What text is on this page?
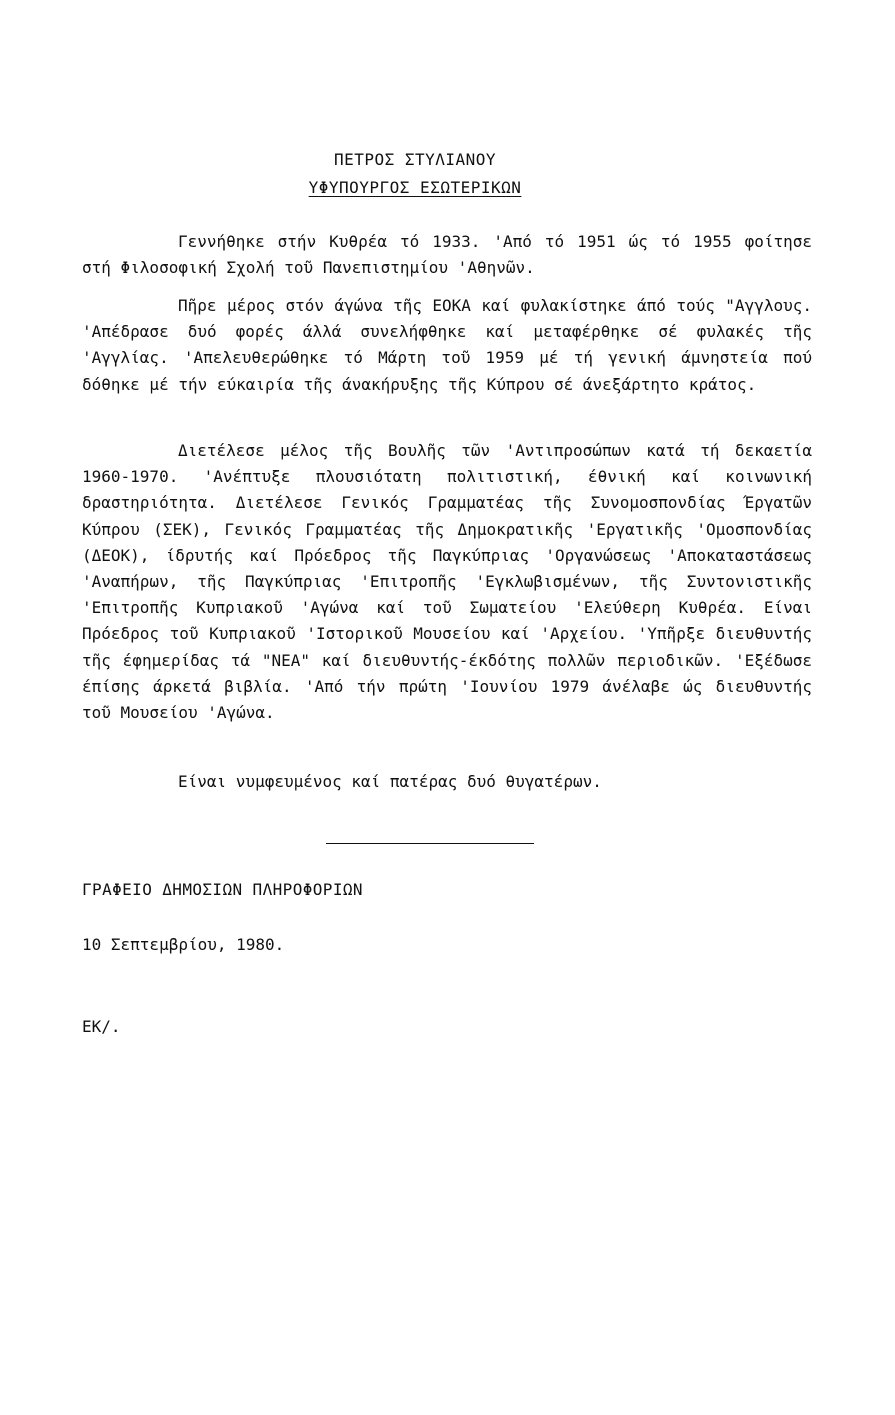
ΠΕΤΡΟΣ ΣΤΥΛΙΑΝΟΥ
ΥΦΥΠΟΥΡΓΟΣ ΕΣΩΤΕΡΙΚΩΝ

Γεννήθηκε στήν Κυθρέα τό 1933. 'Από τό 1951 ώς τό 1955 φοίτησε στή Φιλοσοφική Σχολή τοῦ Πανεπιστημίου 'Αθηνῶν.

Πῆρε μέρος στόν άγώνα τῆς ΕΟΚΑ καί φυλακίστηκε άπό τούς "Αγγλους. 'Απέδρασε δυό φορές άλλά συνελήφθηκε καί μεταφέρθηκε σέ φυλακές τῆς 'Αγγλίας. 'Απελευθερώθηκε τό Μάρτη τοῦ 1959 μέ τή γενική άμνηστεία πού δόθηκε μέ τήν εύκαιρία τῆς άνακήρυξης τῆς Κύπρου σέ άνεξάρτητο κράτος.

Διετέλεσε μέλος τῆς Βουλῆς τῶν 'Αντιπροσώπων κατά τή δεκαετία 1960-1970. 'Ανέπτυξε πλουσιότατη πολιτιστική, έθνική καί κοινωνική δραστηριότητα. Διετέλεσε Γενικός Γραμματέας τῆς Συνομοσπονδίας Έργατῶν Κύπρου (ΣΕΚ), Γενικός Γραμματέας τῆς Δημοκρατικῆς 'Εργατικῆς 'Ομοσπονδίας (ΔΕΟΚ), ίδρυτής καί Πρόεδρος τῆς Παγκύπριας 'Οργανώσεως 'Αποκαταστάσεως 'Αναπήρων, τῆς Παγκύπριας 'Επιτροπῆς 'Εγκλωβισμένων, τῆς Συντονιστικῆς 'Επιτροπῆς Κυπριακοῦ 'Αγώνα καί τοῦ Σωματείου 'Ελεύθερη Κυθρέα. Είναι Πρόεδρος τοῦ Κυπριακοῦ 'Ιστορικοῦ Μουσείου καί 'Αρχείου. 'Υπῆρξε διευθυντής τῆς έφημερίδας τά "ΝΕΑ" καί διευθυντής-έκδότης πολλῶν περιοδικῶν. 'Εξέδωσε έπίσης άρκετά βιβλία. 'Από τήν πρώτη 'Ιουνίου 1979 άνέλαβε ώς διευθυντής τοῦ Μουσείου 'Αγώνα.

Είναι νυμφευμένος καί πατέρας δυό θυγατέρων.

ΓΡΑΦΕΙΟ ΔΗΜΟΣΙΩΝ ΠΛΗΡΟΦΟΡΙΩΝ
10 Σεπτεμβρίου, 1980.
ΕΚ/.
